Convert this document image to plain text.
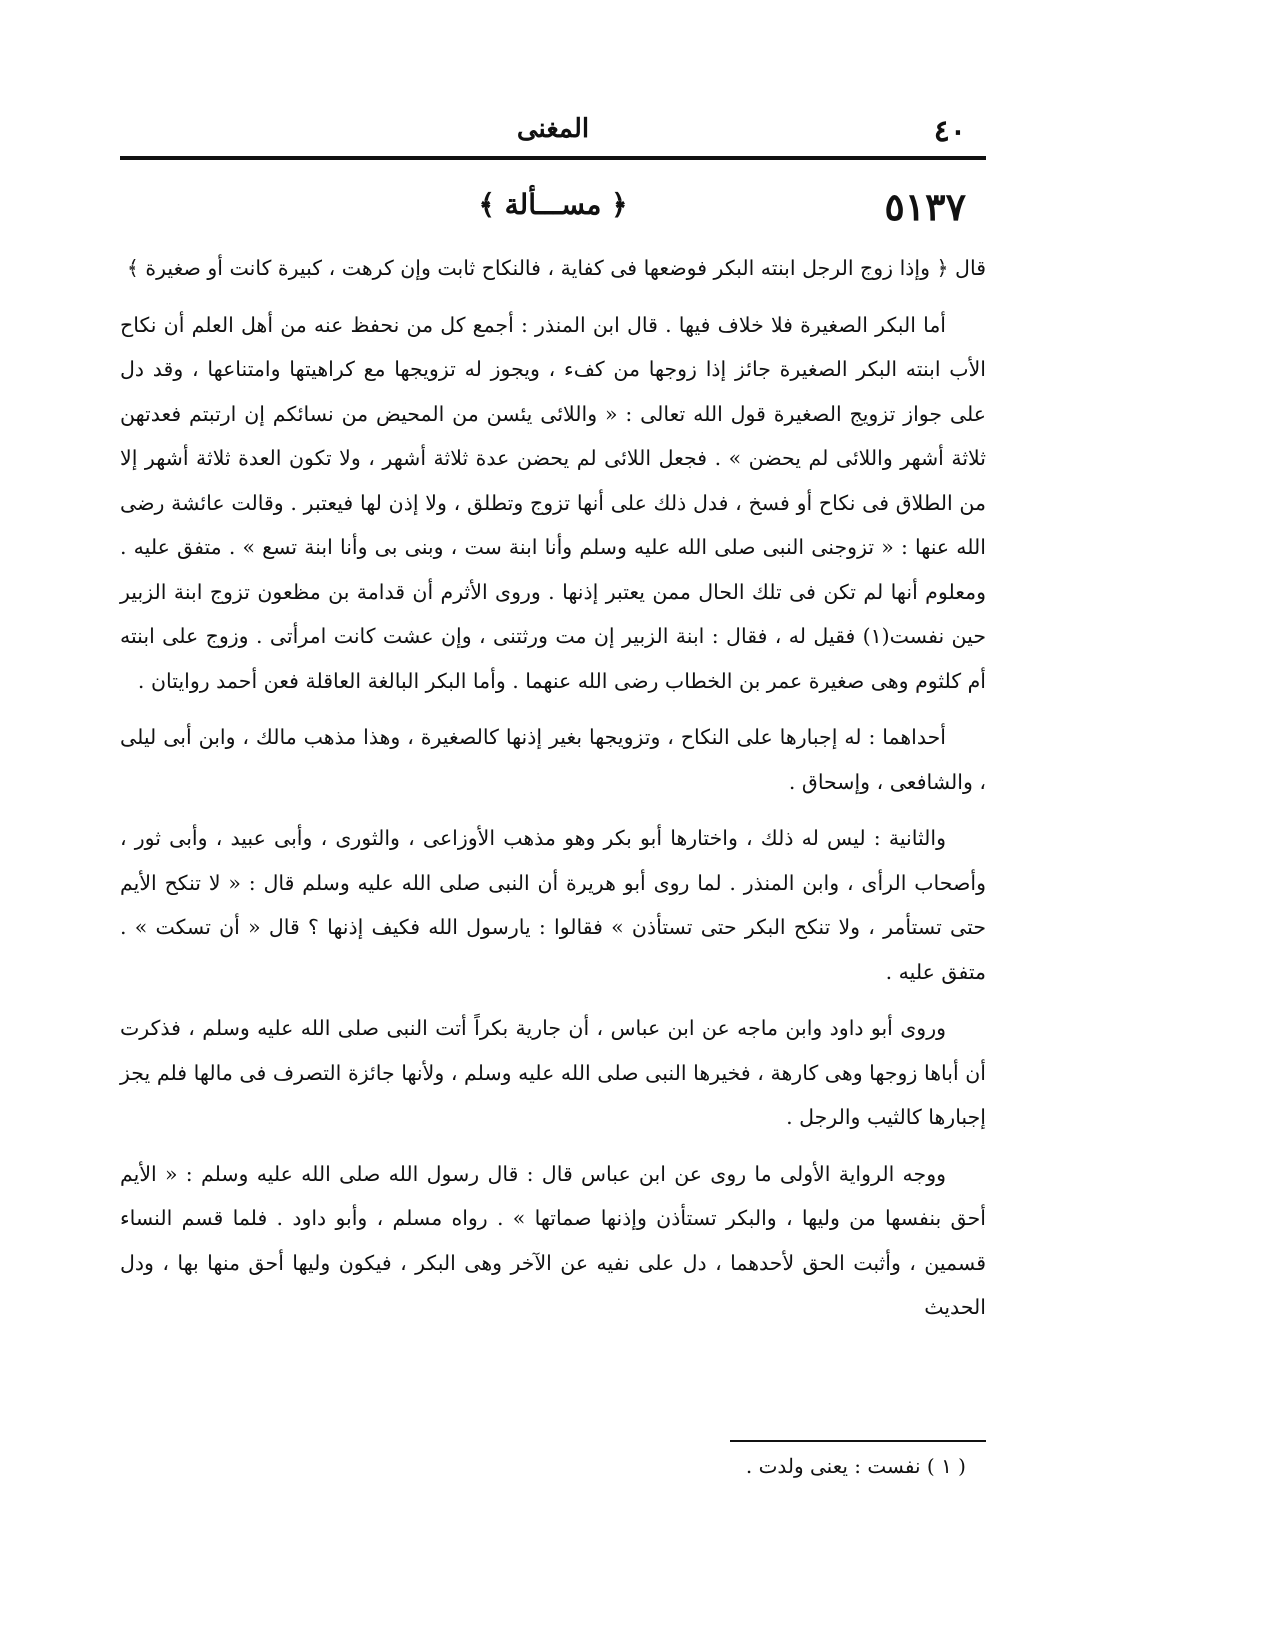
٤٠
المغنى
٥١٣٧
﴿ مســـألة ﴾

قال ﴿ وإذا زوج الرجل ابنته البكر فوضعها فى كفاية ، فالنكاح ثابت وإن كرهت ، كبيرة كانت أو صغيرة ﴾

أما البكر الصغيرة فلا خلاف فيها . قال ابن المنذر : أجمع كل من نحفظ عنه من أهل العلم أن نكاح الأب ابنته البكر الصغيرة جائز إذا زوجها من كفء ، ويجوز له تزويجها مع كراهيتها وامتناعها ، وقد دل على جواز تزويج الصغيرة قول الله تعالى : « واللائى يئسن من المحيض من نسائكم إن ارتبتم فعدتهن ثلاثة أشهر واللائى لم يحضن » . فجعل اللائى لم يحضن عدة ثلاثة أشهر ، ولا تكون العدة ثلاثة أشهر إلا من الطلاق فى نكاح أو فسخ ، فدل ذلك على أنها تزوج وتطلق ، ولا إذن لها فيعتبر . وقالت عائشة رضى الله عنها : « تزوجنى النبى صلى الله عليه وسلم وأنا ابنة ست ، وبنى بى وأنا ابنة تسع » . متفق عليه . ومعلوم أنها لم تكن فى تلك الحال ممن يعتبر إذنها . وروى الأثرم أن قدامة بن مظعون تزوج ابنة الزبير حين نفست(١) فقيل له ، فقال : ابنة الزبير إن مت ورثتنى ، وإن عشت كانت امرأتى . وزوج على ابنته أم كلثوم وهى صغيرة عمر بن الخطاب رضى الله عنهما . وأما البكر البالغة العاقلة فعن أحمد روايتان .

أحداهما : له إجبارها على النكاح ، وتزويجها بغير إذنها كالصغيرة ، وهذا مذهب مالك ، وابن أبى ليلى ، والشافعى ، وإسحاق .

والثانية : ليس له ذلك ، واختارها أبو بكر وهو مذهب الأوزاعى ، والثورى ، وأبى عبيد ، وأبى ثور ، وأصحاب الرأى ، وابن المنذر . لما روى أبو هريرة أن النبى صلى الله عليه وسلم قال : « لا تنكح الأيم حتى تستأمر ، ولا تنكح البكر حتى تستأذن » فقالوا : يارسول الله فكيف إذنها ؟ قال « أن تسكت » . متفق عليه .

وروى أبو داود وابن ماجه عن ابن عباس ، أن جارية بكراً أتت النبى صلى الله عليه وسلم ، فذكرت أن أباها زوجها وهى كارهة ، فخيرها النبى صلى الله عليه وسلم ، ولأنها جائزة التصرف فى مالها فلم يجز إجبارها كالثيب والرجل .

ووجه الرواية الأولى ما روى عن ابن عباس قال : قال رسول الله صلى الله عليه وسلم : « الأيم أحق بنفسها من وليها ، والبكر تستأذن وإذنها صماتها » . رواه مسلم ، وأبو داود . فلما قسم النساء قسمين ، وأثبت الحق لأحدهما ، دل على نفيه عن الآخر وهى البكر ، فيكون وليها أحق منها بها ، ودل الحديث

( ١ ) نفست : يعنى ولدت .
